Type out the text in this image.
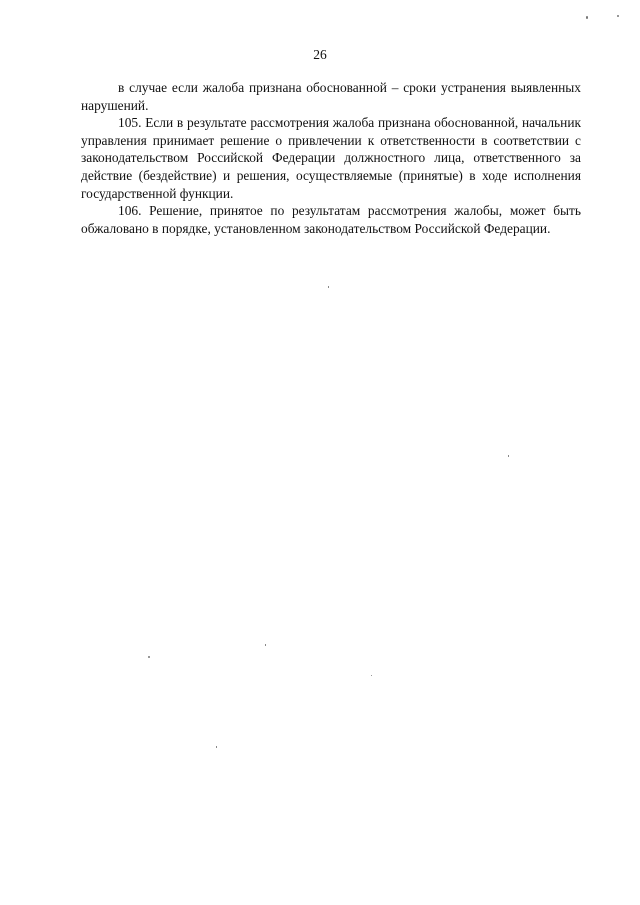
26

в случае если жалоба признана обоснованной – сроки устранения выявленных нарушений.

105. Если в результате рассмотрения жалоба признана обоснованной, начальник управления принимает решение о привлечении к ответственности в соответствии с законодательством Российской Федерации должностного лица, ответственного за действие (бездействие) и решения, осуществляемые (принятые) в ходе исполнения государственной функции.

106. Решение, принятое по результатам рассмотрения жалобы, может быть обжаловано в порядке, установленном законодательством Российской Федерации.
